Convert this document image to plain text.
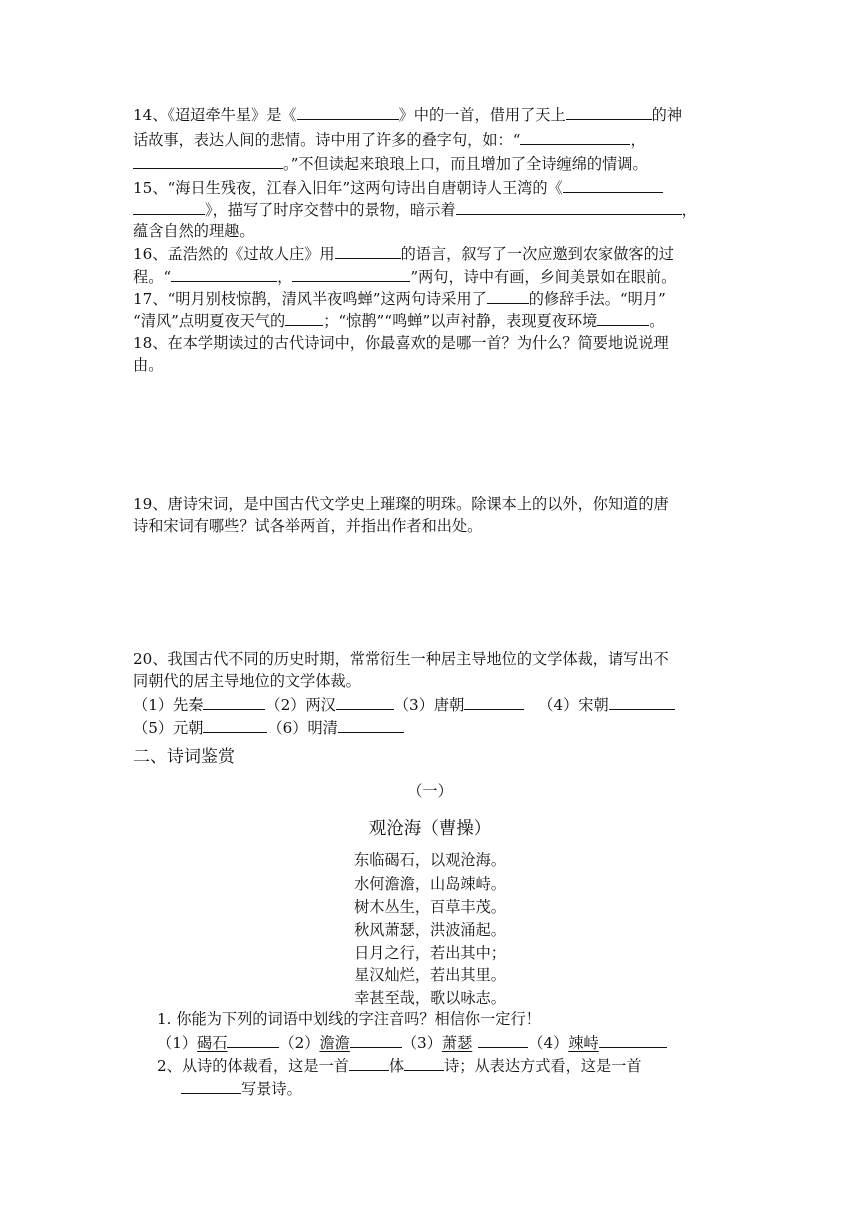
14、《迢迢牵牛星》是《	》中的一首，借用了天上	的神
话故事，表达人间的悲情。诗中用了许多的叠字句，如：“	，
。”不但读起来琅琅上口，而且增加了全诗缠绵的情调。
15、“海日生残夜，江春入旧年”这两句诗出自唐朝诗人王湾的《
》，描写了时序交替中的景物，暗示着	，
蕴含自然的理趣。
16、孟浩然的《过故人庄》用	的语言，叙写了一次应邀到农家做客的过
程。“	，	”两句，诗中有画，乡间美景如在眼前。
17、“明月别枝惊鹊，清风半夜鸣蝉”这两句诗采用了	的修辞手法。“明月”
“清风”点明夏夜天气的	；“惊鹊”“鸣蝉”以声衬静，表现夏夜环境	。
18、在本学期读过的古代诗词中，你最喜欢的是哪一首？为什么？简要地说说理
由。
19、唐诗宋词，是中国古代文学史上璀璨的明珠。除课本上的以外，你知道的唐
诗和宋词有哪些？试各举两首，并指出作者和出处。
20、我国古代不同的历史时期，常常衍生一种居主导地位的文学体裁，请写出不
同朝代的居主导地位的文学体裁。
（1）先秦	（2）两汉	（3）唐朝	（4）宋朝
（5）元朝	（6）明清
二、诗词鉴赏
（一）
观沧海（曹操）
东临碣石，以观沧海。
水何澹澹，山岛竦峙。
树木丛生，百草丰茂。
秋风萧瑟，洪波涌起。
日月之行，若出其中；
星汉灿烂，若出其里。
幸甚至哉，歌以咏志。
1. 你能为下列的词语中划线的字注音吗？相信你一定行！
（1）碣石	（2）澹澹	（3）萧瑟	（4）竦峙
2、从诗的体裁看，这是一首	体	诗；从表达方式看，这是一首
写景诗。
